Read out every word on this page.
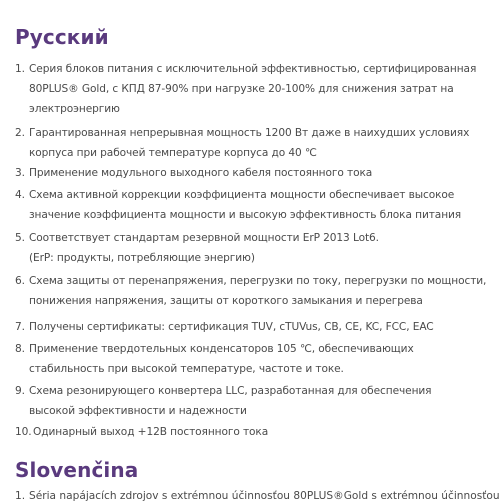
Русский
1. Серия блоков питания с исключительной эффективностью, сертифицированная
80PLUS® Gold, с КПД 87-90% при нагрузке 20-100% для снижения затрат на
электроэнергию
2. Гарантированная непрерывная мощность 1200 Вт даже в наихудших условиях
корпуса при рабочей температуре корпуса до 40 ℃
3. Применение модульного выходного кабеля постоянного тока
4. Схема активной коррекции коэффициента мощности обеспечивает высокое
значение коэффициента мощности и высокую эффективность блока питания
5. Соответствует стандартам резервной мощности ErP 2013 Lot6.
(ErP: продукты, потребляющие энергию)
6. Схема защиты от перенапряжения, перегрузки по току, перегрузки по мощности,
понижения напряжения, защиты от короткого замыкания и перегрева
7. Получены сертификаты: сертификация TUV, cTUVus, CB, CE, KC, FCC, EAC
8. Применение твердотельных конденсаторов 105 ℃, обеспечивающих
стабильность при высокой температуре, частоте и токе.
9. Схема резонирующего конвертера LLC, разработанная для обеспечения
высокой эффективности и надежности
10. Одинарный выход +12В постоянного тока
Slovenčina
1. Séria napájacích zdrojov s extrémnou účinnosťou 80PLUS®Gold s extrémnou účinnosťou
